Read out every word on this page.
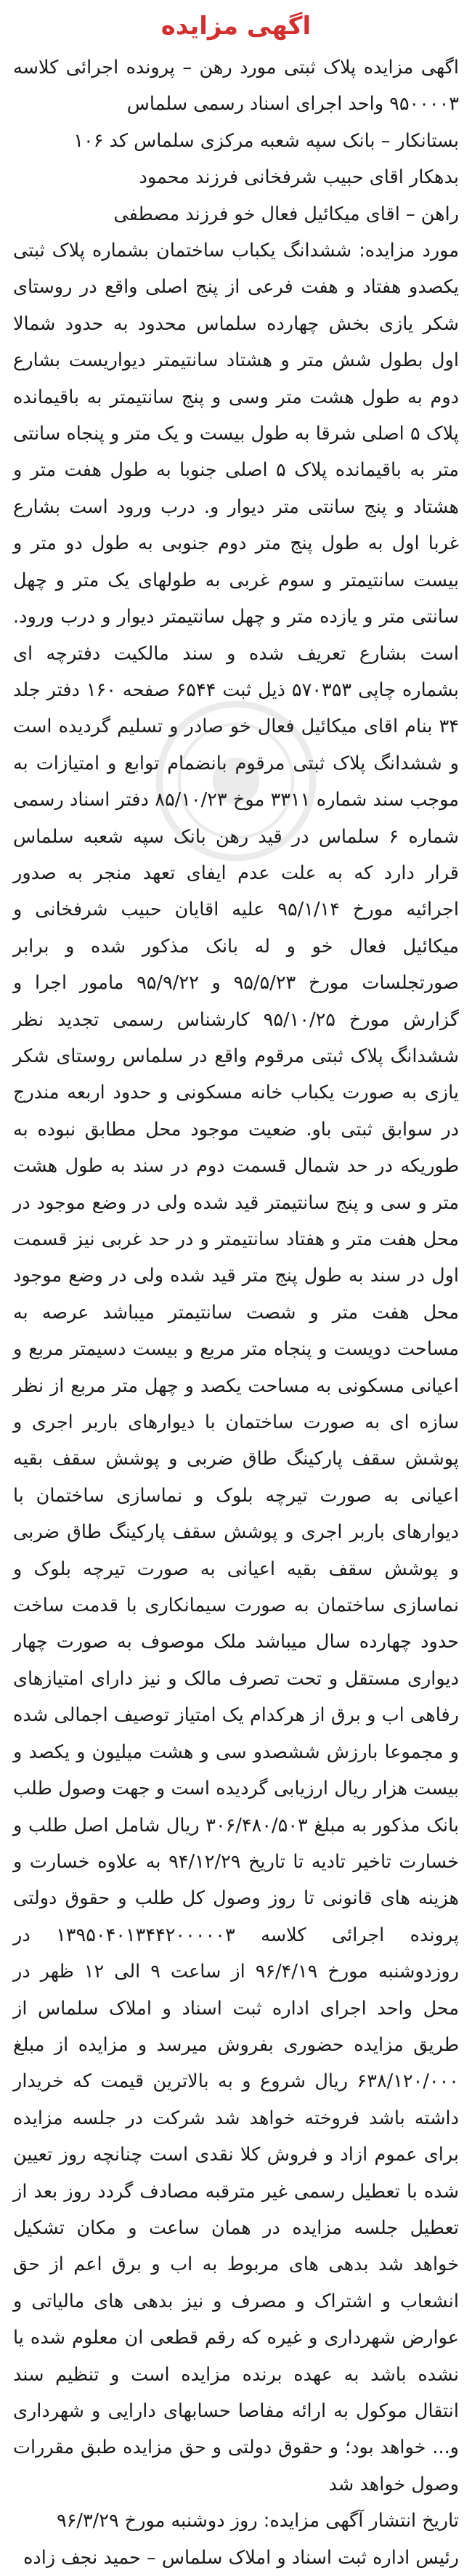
اگهی مزایده

اگهی مزایده پلاک ثبتی مورد رهن – پرونده اجرائی کلاسه ۹۵۰۰۰۰۳ واحد اجرای اسناد رسمی سلماس

بستانکار – بانک سپه شعبه مرکزی سلماس کد ۱۰۶

بدهکار اقای حبیب شرفخانی فرزند محمود

راهن – اقای میکائیل فعال خو فرزند مصطفی

مورد مزایده: ششدانگ یکباب ساختمان بشماره پلاک ثبتی یکصدو هفتاد و هفت فرعی از پنج اصلی واقع در روستای شکر یازی بخش چهارده سلماس محدود به حدود شمالا اول بطول شش متر و هشتاد سانتیمتر دیواریست بشارع دوم به طول هشت متر وسی و پنج سانتیمتر به باقیمانده پلاک ۵ اصلی شرقا به طول بیست و یک متر و پنجاه سانتی متر به باقیمانده پلاک ۵ اصلی جنوبا به طول هفت متر و هشتاد و پنج سانتی متر دیوار و. درب ورود است بشارع غربا اول به طول پنج متر دوم جنوبی به طول دو متر و بیست سانتیمتر و سوم غربی به طولهای یک متر و چهل سانتی متر و یازده متر و چهل سانتیمتر دیوار و درب ورود. است بشارع تعریف شده و سند مالکیت دفترچه ای بشماره چاپی ۵۷۰۳۵۳ ذیل ثبت ۶۵۴۴ صفحه ۱۶۰ دفتر جلد ۳۴ بنام اقای میکائیل فعال خو صادر و تسلیم گردیده است و ششدانگ پلاک ثبتی مرقوم بانضمام توابع و امتیازات به موجب سند شماره ۳۳۱۱ موخ ۸۵/۱۰/۲۳ دفتر اسناد رسمی شماره ۶ سلماس در قید رهن بانک سپه شعبه سلماس قرار دارد که به علت عدم ایفای تعهد منجر به صدور اجرائیه مورخ ۹۵/۱/۱۴ علیه اقایان حبیب شرفخانی و میکائیل فعال خو و له بانک مذکور شده و برابر صورتجلسات مورخ ۹۵/۵/۲۳ و ۹۵/۹/۲۲ مامور اجرا و گزارش مورخ ۹۵/۱۰/۲۵ کارشناس رسمی تجدید نظر ششدانگ پلاک ثبتی مرقوم واقع در سلماس روستای شکر یازی به صورت یکباب خانه مسکونی و حدود اربعه مندرج در سوابق ثبتی باو. ضعیت موجود محل مطابق نبوده به طوریکه در حد شمال قسمت دوم در سند به طول هشت متر و سی و پنج سانتیمتر قید شده ولی در وضع موجود در محل هفت متر و هفتاد سانتیمتر و در حد غربی نیز قسمت اول در سند به طول پنج متر قید شده ولی در وضع موجود محل هفت متر و شصت سانتیمتر میباشد عرصه به مساحت دویست و پنجاه متر مربع و بیست دسیمتر مربع و اعیانی مسکونی به مساحت یکصد و چهل متر مربع از نظر سازه ای به صورت ساختمان با دیوارهای باربر اجری و پوشش سقف پارکینگ طاق ضربی و پوشش سقف بقیه اعیانی به صورت تیرچه بلوک و نماسازی ساختمان با دیوارهای باربر اجری و پوشش سقف پارکینگ طاق ضربی و پوشش سقف بقیه اعیانی به صورت تیرچه بلوک و نماسازی ساختمان به صورت سیمانکاری با قدمت ساخت حدود چهارده سال میباشد ملک موصوف به صورت چهار دیواری مستقل و تحت تصرف مالک و نیز دارای امتیازهای رفاهی اب و برق از هرکدام یک امتیاز توصیف اجمالی شده و مجموعا بارزش ششصدو سی و هشت میلیون و یکصد و بیست هزار ریال ارزیابی گردیده است و جهت وصول طلب بانک مذکور به مبلغ ۳۰۶/۴۸۰/۵۰۳ ریال شامل اصل طلب و خسارت تاخیر تادیه تا تاریخ ۹۴/۱۲/۲۹ به علاوه خسارت و هزینه های قانونی تا روز وصول کل طلب و حقوق دولتی پرونده اجرائی کلاسه ۱۳۹۵۰۴۰۱۳۴۴۲۰۰۰۰۰۳ در روزدوشنبه مورخ ۹۶/۴/۱۹ از ساعت ۹ الی ۱۲ ظهر در محل واحد اجرای اداره ثبت اسناد و املاک سلماس از طریق مزایده حضوری بفروش میرسد و مزایده از مبلغ ۶۳۸/۱۲۰/۰۰۰ ریال شروع و به بالاترین قیمت که خریدار داشته باشد فروخته خواهد شد شرکت در جلسه مزایده برای عموم ازاد و فروش کلا نقدی است چنانچه روز تعیین شده با تعطیل رسمی غیر مترقبه مصادف گردد روز بعد از تعطیل جلسه مزایده در همان ساعت و مکان تشکیل خواهد شد بدهی های مربوط به اب و برق اعم از حق انشعاب و اشتراک و مصرف و نیز بدهی های مالیاتی و عوارض شهرداری و غیره که رقم قطعی ان معلوم شده یا نشده باشد به عهده برنده مزایده است و تنظیم سند انتقال موکول به ارائه مفاصا حسابهای دارایی و شهرداری و... خواهد بود؛ و حقوق دولتی و حق مزایده طبق مقررات وصول خواهد شد

تاریخ انتشار آگهی مزایده: روز دوشنبه مورخ ۹۶/۳/۲۹

رئیس اداره ثبت اسناد و املاک سلماس – حمید نجف زاده
